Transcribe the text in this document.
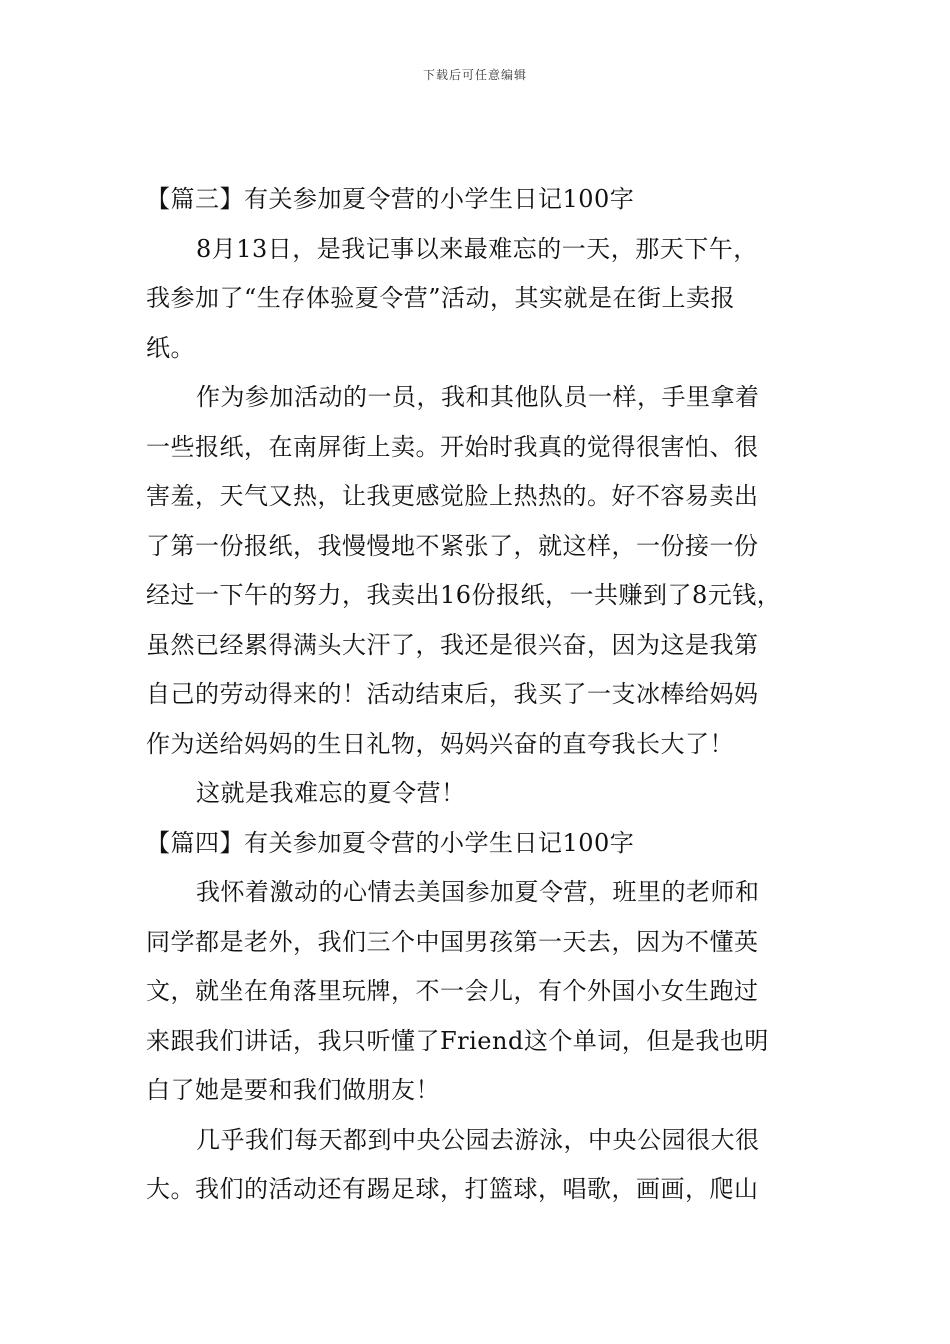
下载后可任意编辑
【篇三】有关参加夏令营的小学生日记100字
8月13日，是我记事以来最难忘的一天，那天下午，
我参加了“生存体验夏令营”活动，其实就是在街上卖报
纸。
作为参加活动的一员，我和其他队员一样，手里拿着
一些报纸，在南屏街上卖。开始时我真的觉得很害怕、很
害羞，天气又热，让我更感觉脸上热热的。好不容易卖出
了第一份报纸，我慢慢地不紧张了，就这样，一份接一份
经过一下午的努力，我卖出16份报纸，一共赚到了8元钱，
虽然已经累得满头大汗了，我还是很兴奋，因为这是我第
自己的劳动得来的！活动结束后，我买了一支冰棒给妈妈
作为送给妈妈的生日礼物，妈妈兴奋的直夸我长大了！
这就是我难忘的夏令营！
【篇四】有关参加夏令营的小学生日记100字
我怀着激动的心情去美国参加夏令营，班里的老师和
同学都是老外，我们三个中国男孩第一天去，因为不懂英
文，就坐在角落里玩牌，不一会儿，有个外国小女生跑过
来跟我们讲话，我只听懂了Friend这个单词，但是我也明
白了她是要和我们做朋友！
几乎我们每天都到中央公园去游泳，中央公园很大很
大。我们的活动还有踢足球，打篮球，唱歌，画画，爬山
